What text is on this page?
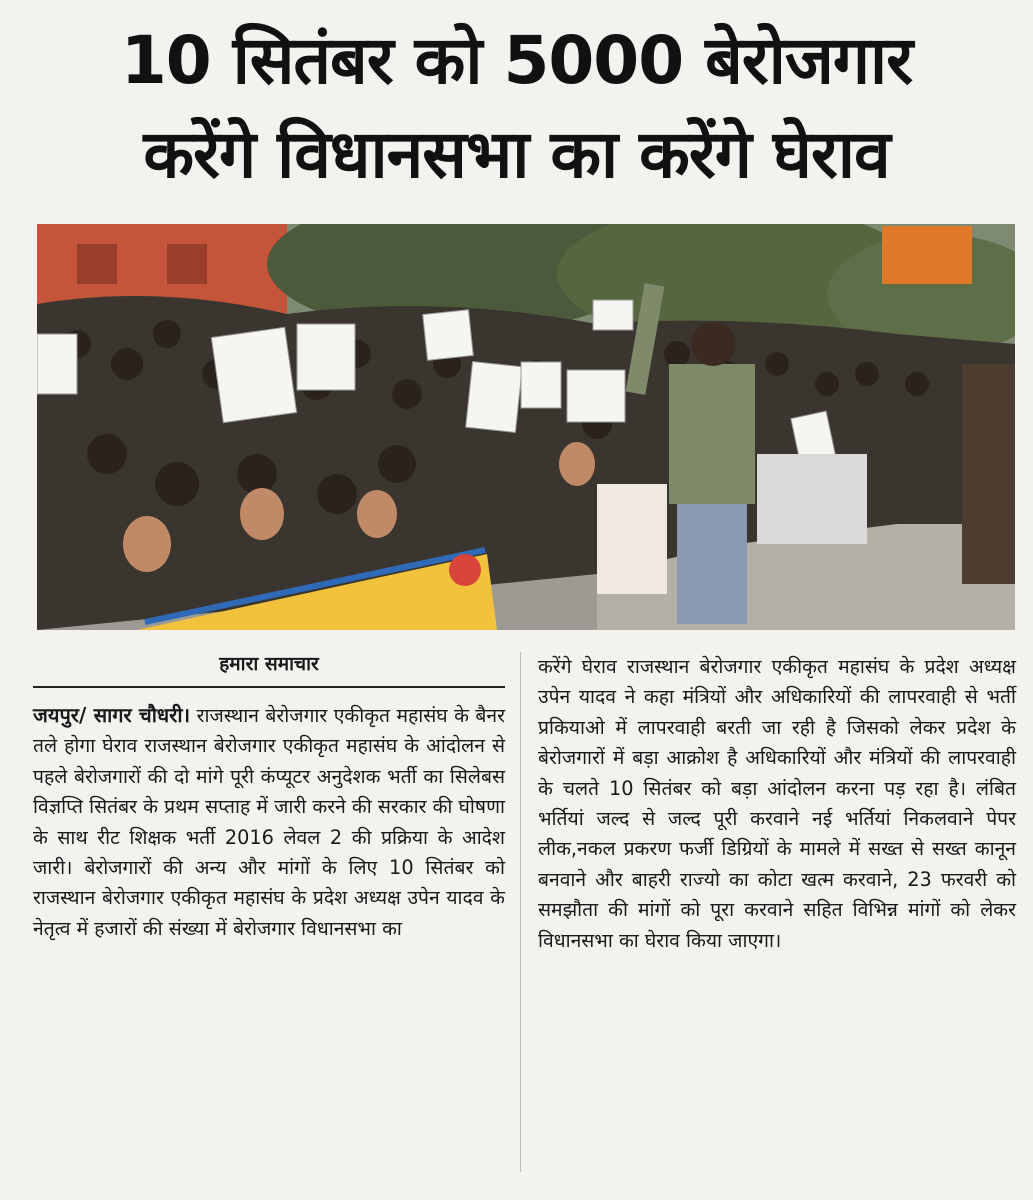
10 सितंबर को 5000 बेरोजगार
करेंगे विधानसभा का करेंगे घेराव
हमारा समाचार
जयपुर/ सागर चौधरी। राजस्थान बेरोजगार एकीकृत महासंघ के बैनर तले होगा घेराव राजस्थान बेरोजगार एकीकृत महासंघ के आंदोलन से पहले बेरोजगारों की दो मांगे पूरी कंप्यूटर अनुदेशक भर्ती का सिलेबस विज्ञप्ति सितंबर के प्रथम सप्ताह में जारी करने की सरकार की घोषणा के साथ रीट शिक्षक भर्ती 2016 लेवल 2 की प्रक्रिया के आदेश जारी। बेरोजगारों की अन्य और मांगों के लिए 10 सितंबर को राजस्थान बेरोजगार एकीकृत महासंघ के प्रदेश अध्यक्ष उपेन यादव के नेतृत्व में हजारों की संख्या में बेरोजगार विधानसभा का
करेंगे घेराव राजस्थान बेरोजगार एकीकृत महासंघ के प्रदेश अध्यक्ष उपेन यादव ने कहा मंत्रियों और अधिकारियों की लापरवाही से भर्ती प्रकियाओ में लापरवाही बरती जा रही है जिसको लेकर प्रदेश के बेरोजगारों में बड़ा आक्रोश है अधिकारियों और मंत्रियों की लापरवाही के चलते 10 सितंबर को बड़ा आंदोलन करना पड़ रहा है। लंबित भर्तियां जल्द से जल्द पूरी करवाने नई भर्तियां निकलवाने पेपर लीक,नकल प्रकरण फर्जी डिग्रियों के मामले में सख्त से सख्त कानून बनवाने और बाहरी राज्यो का कोटा खत्म करवाने, 23 फरवरी को समझौता की मांगों को पूरा करवाने सहित विभिन्न मांगों को लेकर विधानसभा का घेराव किया जाएगा।
